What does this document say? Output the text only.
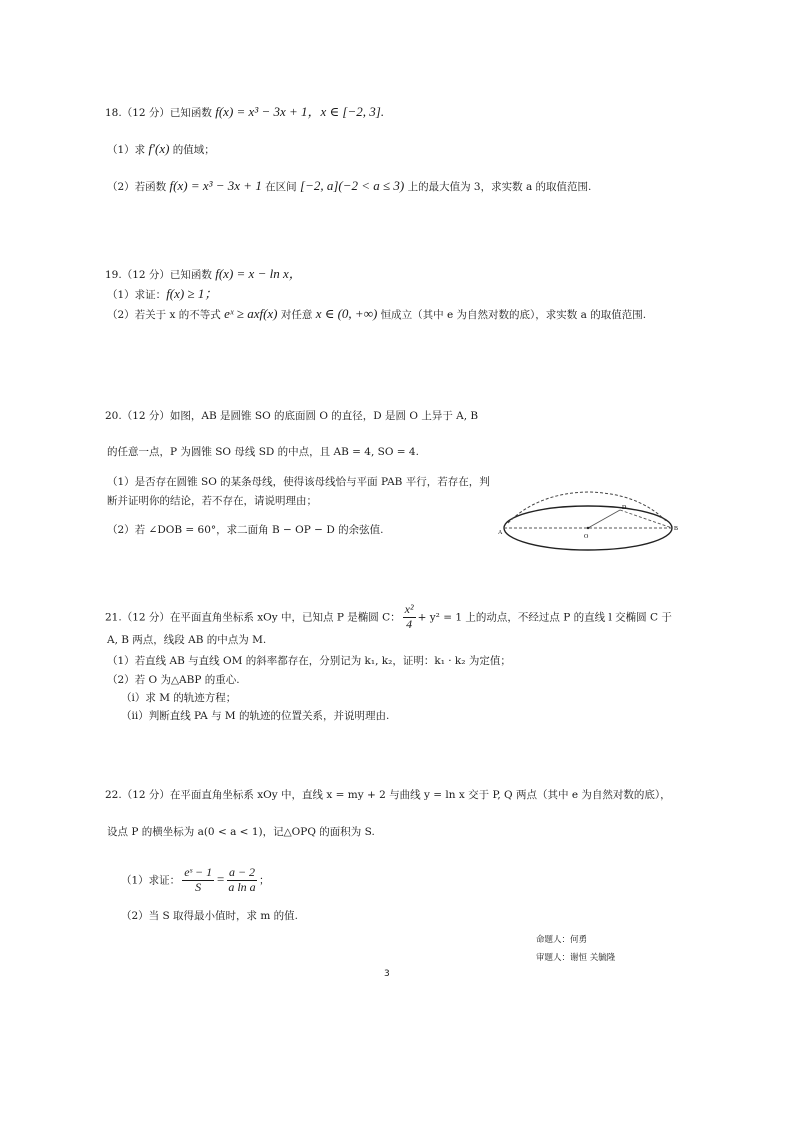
18.（12 分）已知函数 f(x) = x³ − 3x + 1，x ∈ [−2, 3].
（1）求 f′(x) 的值域；
（2）若函数 f(x) = x³ − 3x + 1 在区间 [−2, a](−2 < a ≤ 3) 上的最大值为 3，求实数 a 的取值范围.
19.（12 分）已知函数 f(x) = x − ln x，
（1）求证：f(x) ≥ 1；
（2）若关于 x 的不等式 eˣ ≥ axf(x) 对任意 x ∈ (0, +∞) 恒成立（其中 e 为自然对数的底），求实数 a 的取值范围.
20.（12 分）如图，AB 是圆锥 SO 的底面圆 O 的直径，D 是圆 O 上异于 A, B
的任意一点，P 为圆锥 SO 母线 SD 的中点，且 AB = 4, SO = 4.
（1）是否存在圆锥 SO 的某条母线，使得该母线恰与平面 PAB 平行，若存在，判
断并证明你的结论，若不存在，请说明理由；
（2）若 ∠DOB = 60°，求二面角 B − OP − D 的余弦值.	A
B
O
D
21.（12 分）在平面直角坐标系 xOy 中，已知点 P 是椭圆 C： $\frac{\text{x²}}{4} + y^2 = 1$ 上的动点，不经过点 P 的直线 l 交椭圆 C 于
A, B 两点，线段 AB 的中点为 M.
（1）若直线 AB 与直线 OM 的斜率都存在，分别记为 k₁, k₂，证明：k₁ · k₂ 为定值；
（2）若 O 为△ABP 的重心.
（i）求 M 的轨迹方程；
（ii）判断直线 PA 与 M 的轨迹的位置关系，并说明理由.
22.（12 分）在平面直角坐标系 xOy 中，直线 x = my + 2 与曲线 y = ln x 交于 P, Q 两点（其中 e 为自然对数的底），
设点 P 的横坐标为 a(0 < a < 1)，记△OPQ 的面积为 S.
（1）求证： $\frac{\text{eˢ − 1}}{S} = \frac{a - 2}{\text{a ln a}}$ ；
（2）当 S 取得最小值时，求 m 的值.
命题人：何勇
审题人：谢恒 关毓隆
3
